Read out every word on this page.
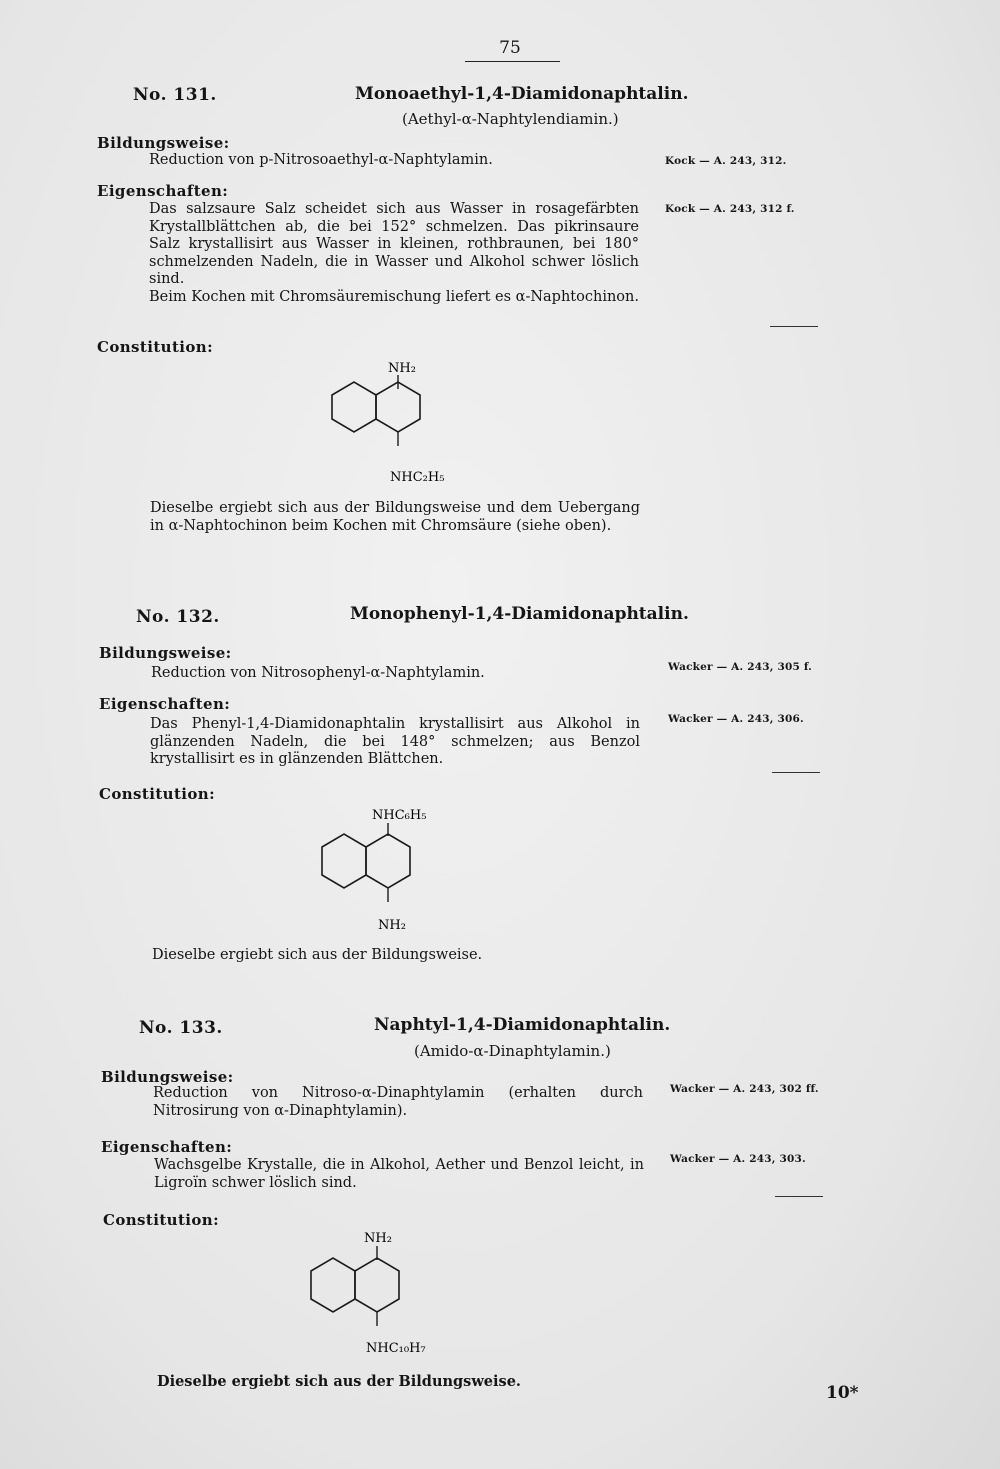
75
No. 131.	Monoaethyl-1,4-Diamidonaphtalin.
(Aethyl-α-Naphtylendiamin.)
Bildungsweise:
Reduction von p-Nitrosoaethyl-α-Naphtylamin.	Kock — A. 243, 312.
Eigenschaften:
Das salzsaure Salz scheidet sich aus Wasser in rosagefärbten Krystallblättchen ab, die bei 152° schmelzen. Das pikrinsaure Salz krystallisirt aus Wasser in kleinen, rothbraunen, bei 180° schmelzenden Nadeln, die in Wasser und Alkohol schwer löslich sind.
Beim Kochen mit Chromsäuremischung liefert es α-Naphtochinon.
Kock — A. 243, 312 f.
Constitution:
NH₂
NHC₂H₅
Dieselbe ergiebt sich aus der Bildungsweise und dem Uebergang in α-Naphtochinon beim Kochen mit Chromsäure (siehe oben).
No. 132.	Monophenyl-1,4-Diamidonaphtalin.
Bildungsweise:
Reduction von Nitrosophenyl-α-Naphtylamin.	Wacker — A. 243, 305 f.
Eigenschaften:
Das Phenyl-1,4-Diamidonaphtalin krystallisirt aus Alkohol in glänzenden Nadeln, die bei 148° schmelzen; aus Benzol krystallisirt es in glänzenden Blättchen.
Wacker — A. 243, 306.
Constitution:
NHC₆H₅
NH₂
Dieselbe ergiebt sich aus der Bildungsweise.
No. 133.	Naphtyl-1,4-Diamidonaphtalin.
(Amido-α-Dinaphtylamin.)
Bildungsweise:
Reduction von Nitroso-α-Dinaphtylamin (erhalten durch Nitrosirung von α-Dinaphtylamin).
Wacker — A. 243, 302 ff.
Eigenschaften:
Wachsgelbe Krystalle, die in Alkohol, Aether und Benzol leicht, in Ligroïn schwer löslich sind.
Wacker — A. 243, 303.
Constitution:
NH₂
NHC₁₀H₇
Dieselbe ergiebt sich aus der Bildungsweise.
10*
